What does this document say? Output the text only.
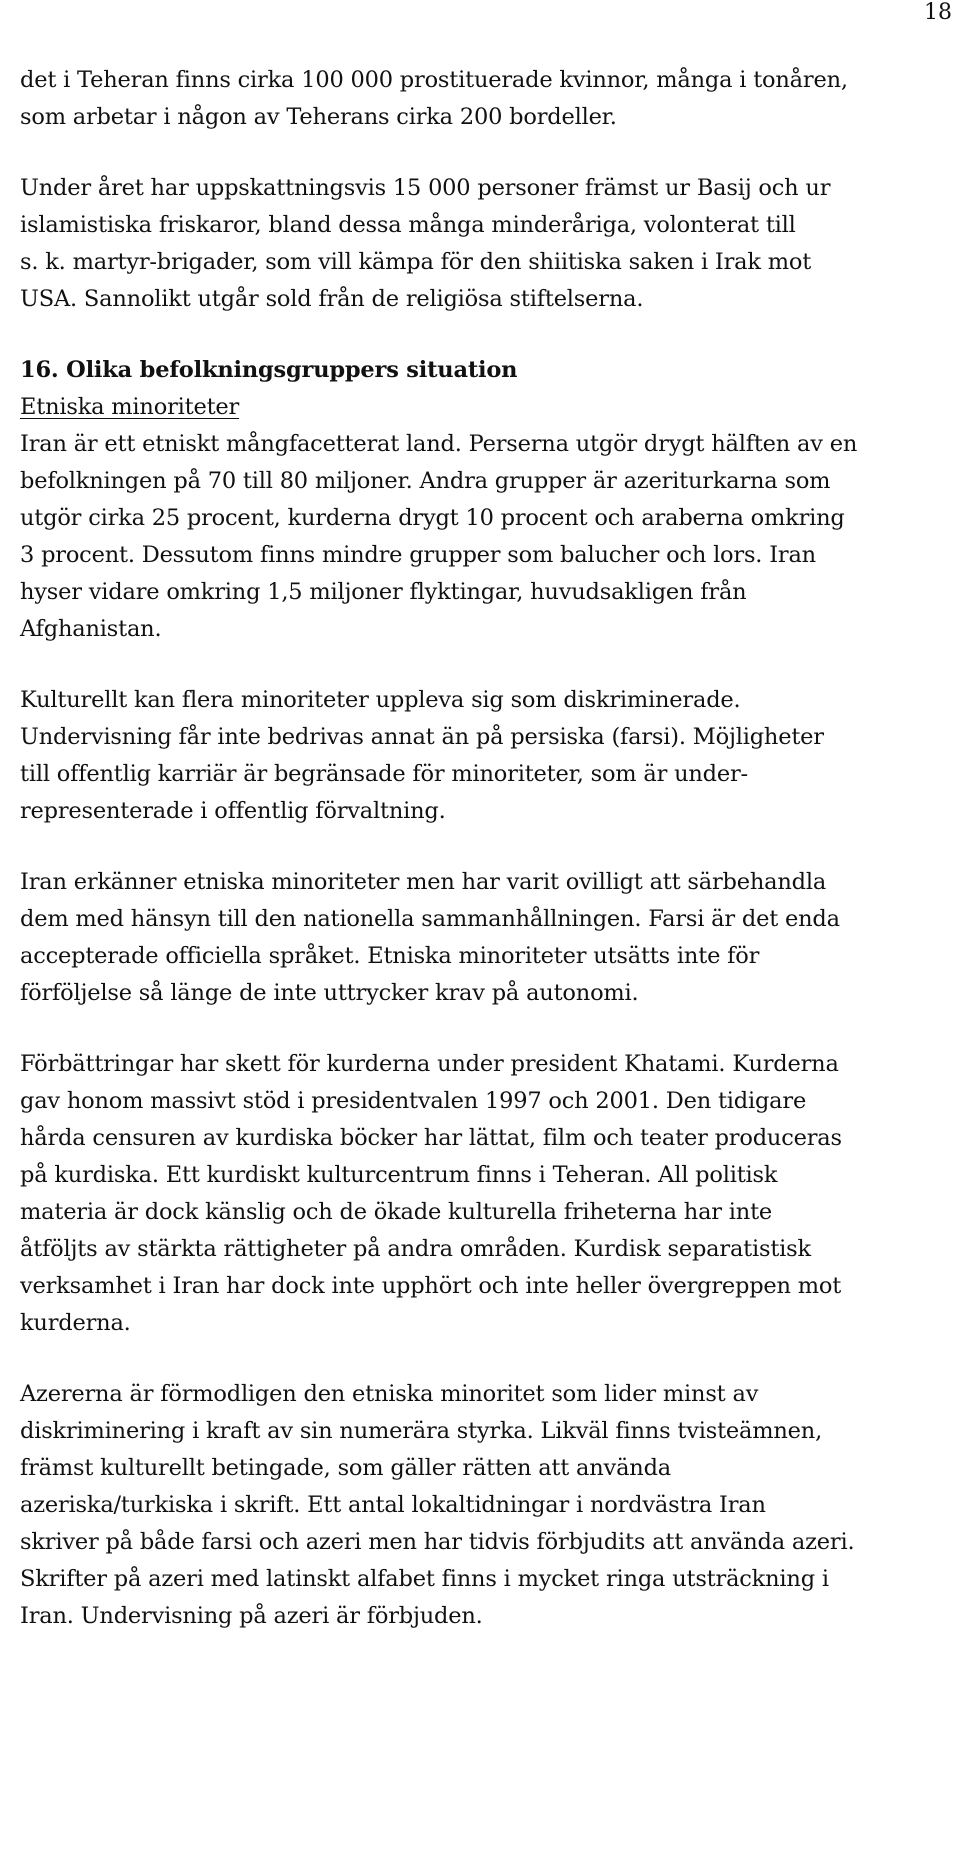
18
det i Teheran finns cirka 100 000 prostituerade kvinnor, många i tonåren,
som arbetar i någon av Teherans cirka 200 bordeller.
Under året har uppskattningsvis 15 000 personer främst ur Basij och ur
islamistiska friskaror, bland dessa många minderåriga, volonterat till
s. k. martyr-brigader, som vill kämpa för den shiitiska saken i Irak mot
USA. Sannolikt utgår sold från de religiösa stiftelserna.
16. Olika befolkningsgruppers situation
Etniska minoriteter
Iran är ett etniskt mångfacetterat land. Perserna utgör drygt hälften av en
befolkningen på 70 till 80 miljoner. Andra grupper är azeriturkarna som
utgör cirka 25 procent, kurderna drygt 10 procent och araberna omkring
3 procent. Dessutom finns mindre grupper som balucher och lors. Iran
hyser vidare omkring 1,5 miljoner flyktingar, huvudsakligen från
Afghanistan.
Kulturellt kan flera minoriteter uppleva sig som diskriminerade.
Undervisning får inte bedrivas annat än på persiska (farsi). Möjligheter
till offentlig karriär är begränsade för minoriteter, som är under-
representerade i offentlig förvaltning.
Iran erkänner etniska minoriteter men har varit ovilligt att särbehandla
dem med hänsyn till den nationella sammanhållningen. Farsi är det enda
accepterade officiella språket. Etniska minoriteter utsätts inte för
förföljelse så länge de inte uttrycker krav på autonomi.
Förbättringar har skett för kurderna under president Khatami. Kurderna
gav honom massivt stöd i presidentvalen 1997 och 2001. Den tidigare
hårda censuren av kurdiska böcker har lättat, film och teater produceras
på kurdiska. Ett kurdiskt kulturcentrum finns i Teheran. All politisk
materia är dock känslig och de ökade kulturella friheterna har inte
åtföljts av stärkta rättigheter på andra områden. Kurdisk separatistisk
verksamhet i Iran har dock inte upphört och inte heller övergreppen mot
kurderna.
Azererna är förmodligen den etniska minoritet som lider minst av
diskriminering i kraft av sin numerära styrka. Likväl finns tvisteämnen,
främst kulturellt betingade, som gäller rätten att använda
azeriska/turkiska i skrift. Ett antal lokaltidningar i nordvästra Iran
skriver på både farsi och azeri men har tidvis förbjudits att använda azeri.
Skrifter på azeri med latinskt alfabet finns i mycket ringa utsträckning i
Iran. Undervisning på azeri är förbjuden.
